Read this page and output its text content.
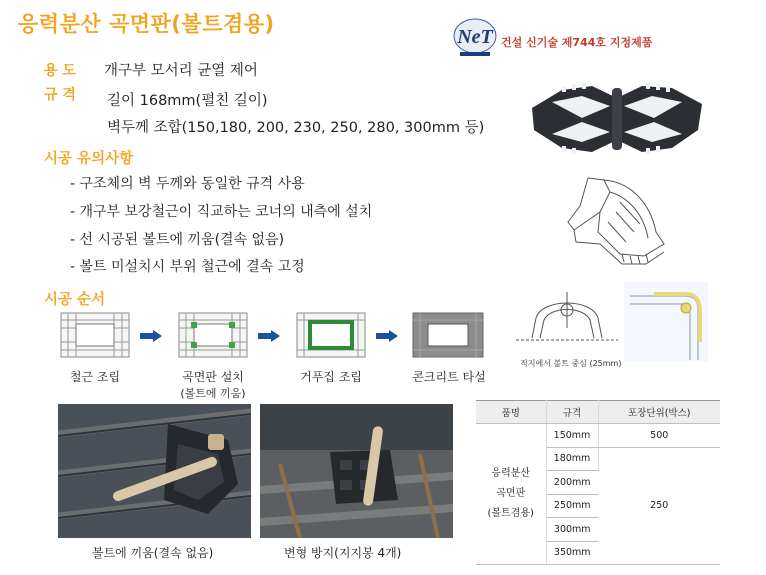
응력분산 곡면판(볼트겸용)
NeT 건설 신기술 제744호 지정제품
용 도 개구부 모서리 균열 제어
규 격 길이 168mm(펼친 길이)
벽두께 조합(150,180, 200, 230, 250, 280, 300mm 등)
시공 유의사항
- 구조체의 벽 두께와 동일한 규격 사용
- 개구부 보강철근이 직교하는 코너의 내측에 설치
- 선 시공된 볼트에 끼움(결속 없음)
- 볼트 미설치시 부위 철근에 결속 고정
직지에서 볼트 중심 (25mm)
시공 순서
철근 조립	곡면판 설치
(볼트에 끼움)
거푸집 조립	콘크리트 타설
볼트에 끼움(결속 없음)	변형 방지(지지봉 4개)
품명	규격	포장단위(박스)
응력분산
곡면판
(볼트겸용)	150mm	500
	180mm	250
	200mm	
	250mm	
	300mm	
	350mm	
